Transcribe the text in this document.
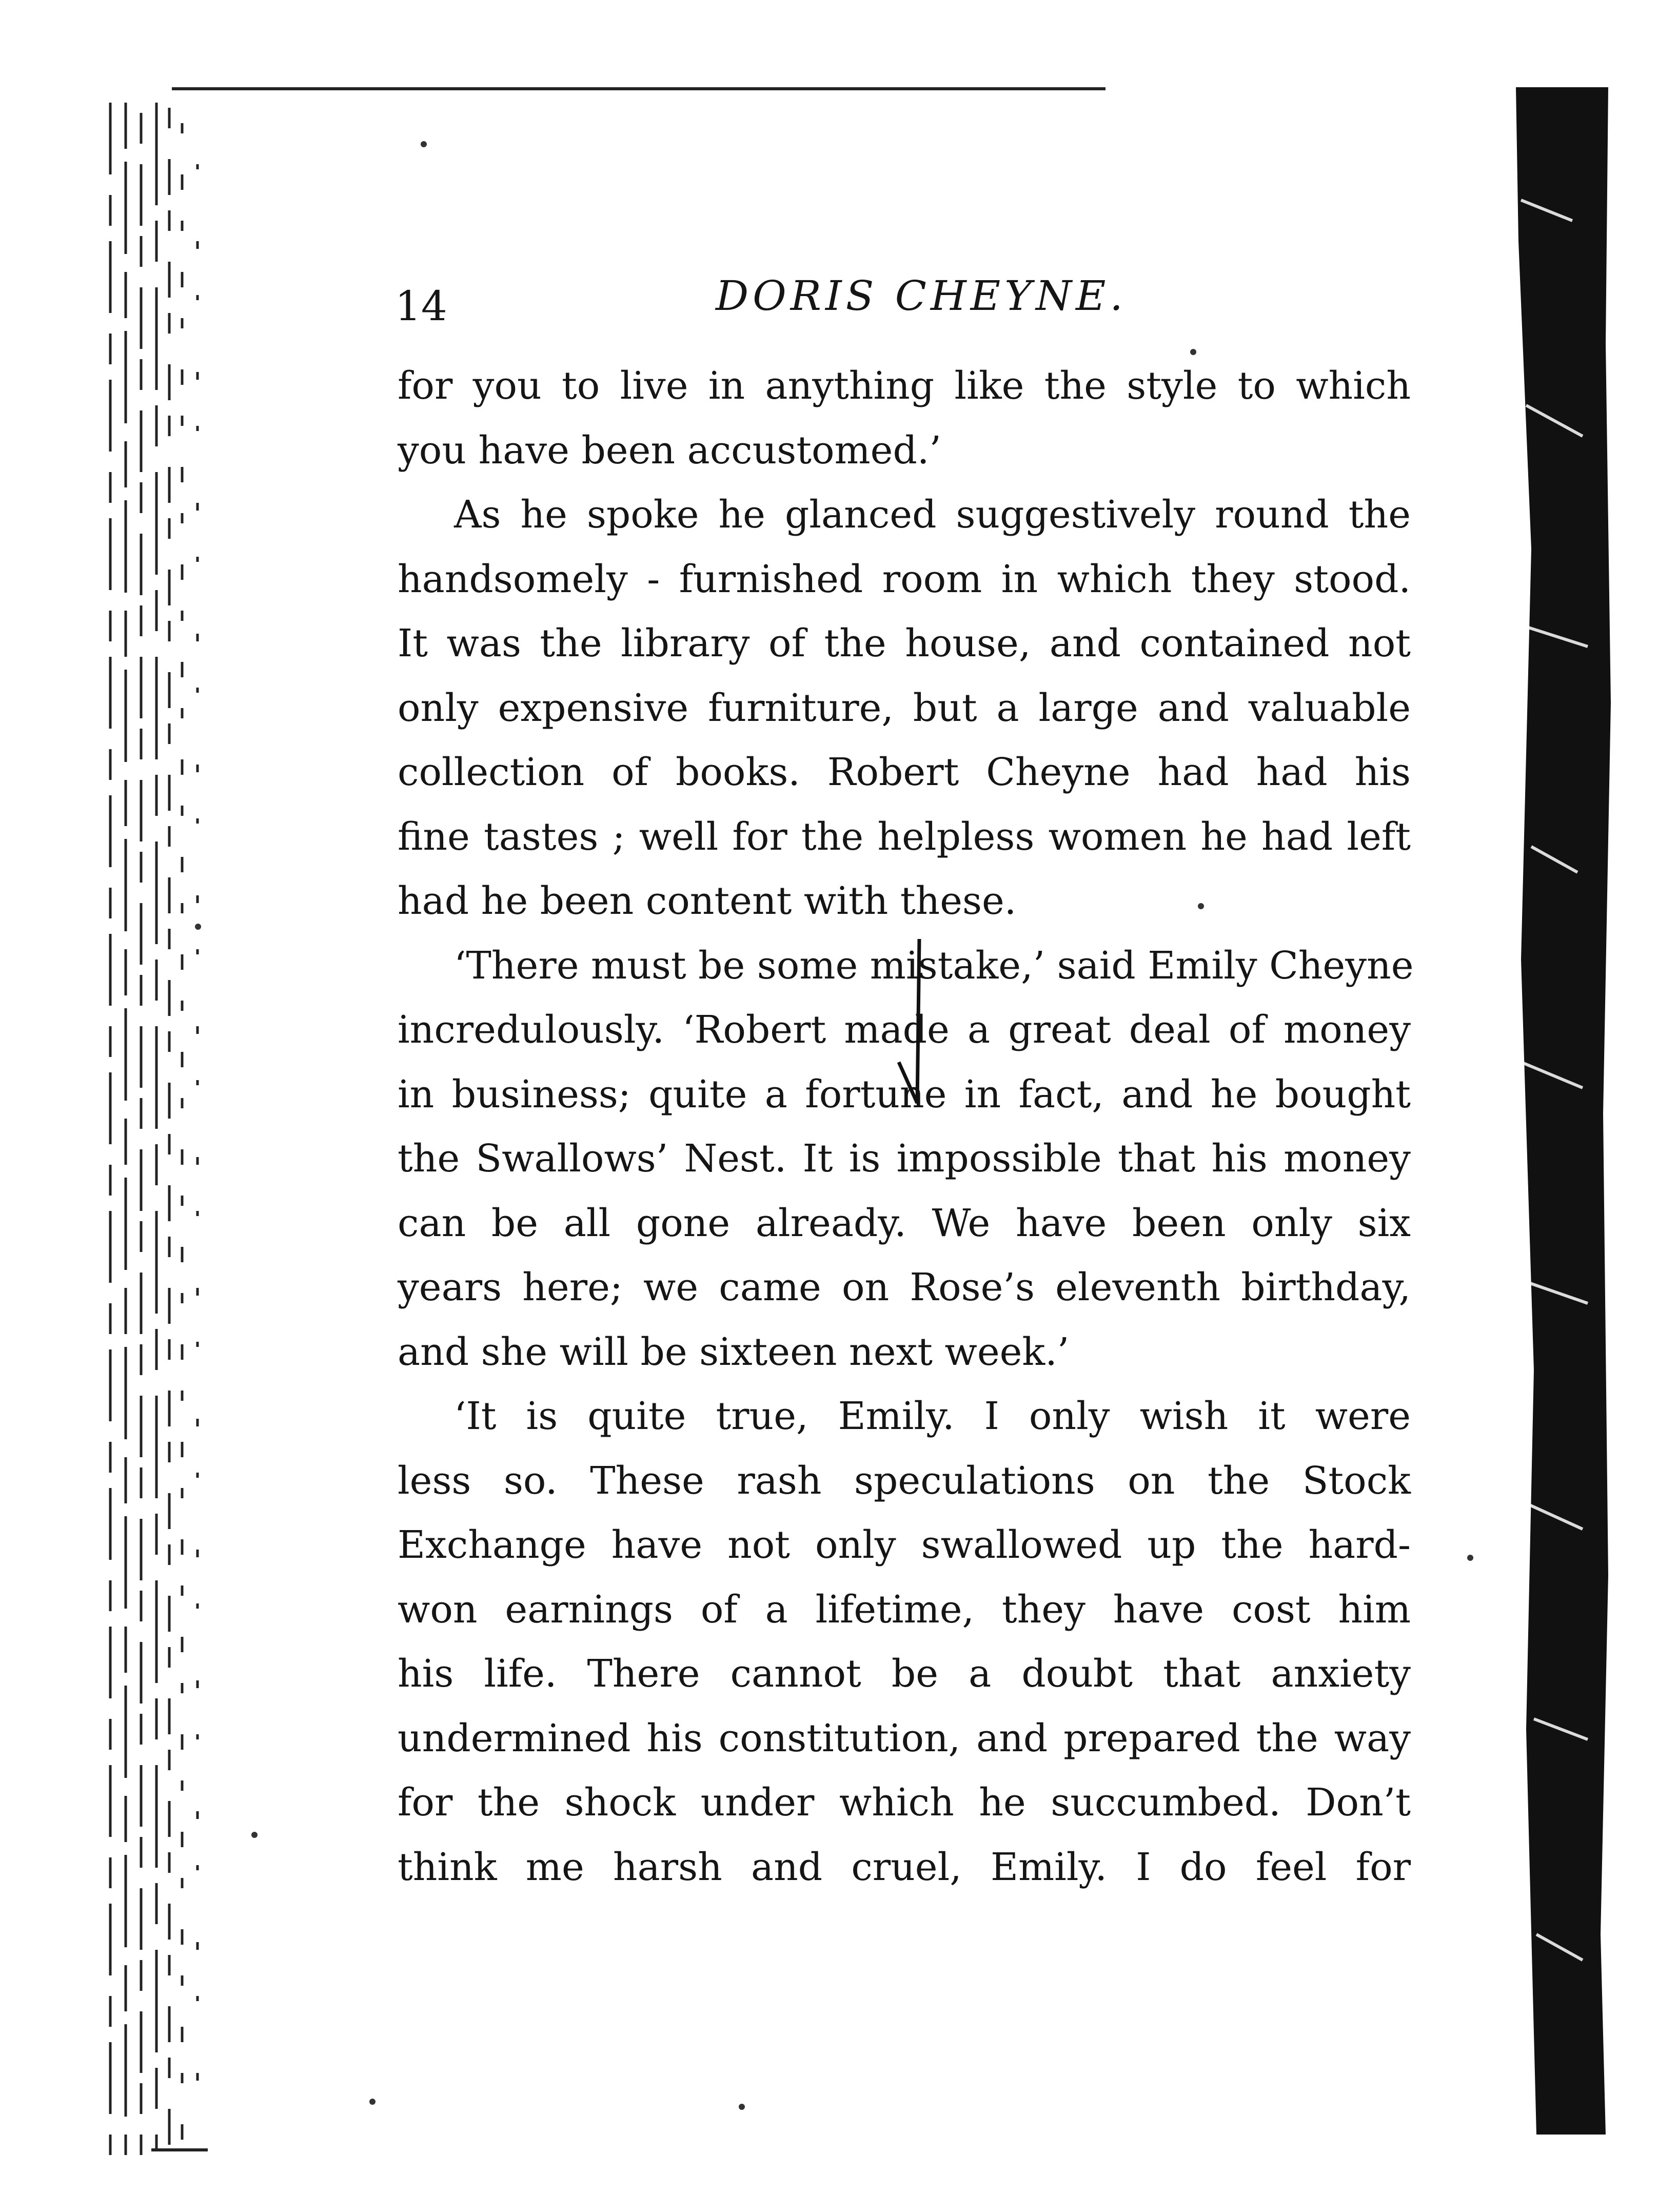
14	DORIS CHEYNE.
for you to live in anything like the style to which
you have been accustomed.’
As he spoke he glanced suggestively round the
handsomely - furnished room in which they stood.
It was the library of the house, and contained not
only expensive furniture, but a large and valuable
collection of books. Robert Cheyne had had his
fine tastes ; well for the helpless women he had left
had he been content with these.
‘There must be some mistake,’ said Emily Cheyne
incredulously. ‘Robert made a great deal of money
in business; quite a fortune in fact, and he bought
the Swallows’ Nest. It is impossible that his money
can be all gone already. We have been only six
years here; we came on Rose’s eleventh birthday,
and she will be sixteen next week.’
‘It is quite true, Emily. I only wish it were
less so. These rash speculations on the Stock
Exchange have not only swallowed up the hard-
won earnings of a lifetime, they have cost him
his life. There cannot be a doubt that anxiety
undermined his constitution, and prepared the way
for the shock under which he succumbed. Don’t
think me harsh and cruel, Emily. I do feel for
